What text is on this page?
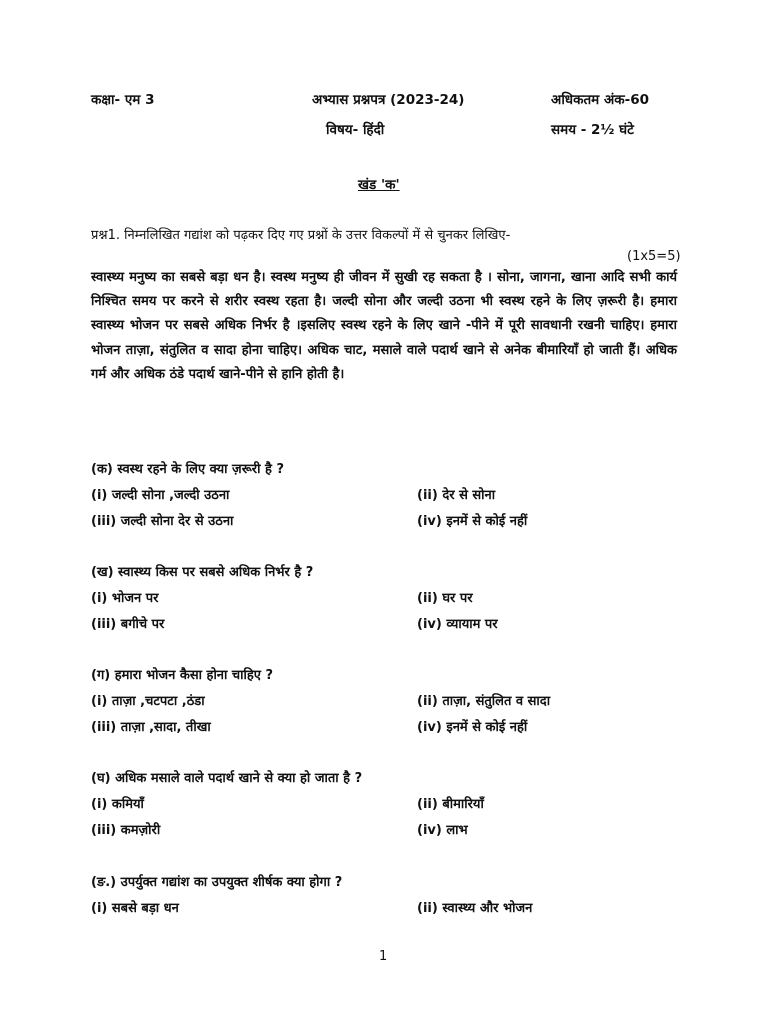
कक्षा- एम 3	अभ्यास प्रश्नपत्र (2023-24)	अधिकतम अंक-60
विषय- हिंदी	समय - 2½ घंटे
खंड 'क'
प्रश्न1. निम्नलिखित गद्यांश को पढ़कर दिए गए प्रश्नों के उत्तर विकल्पों में से चुनकर लिखिए-
(1x5=5)
स्वास्थ्य मनुष्य का सबसे बड़ा धन है। स्वस्थ मनुष्य ही जीवन में सुखी रह सकता है । सोना, जागना, खाना आदि सभी कार्य निश्चित समय पर करने से शरीर स्वस्थ रहता है। जल्दी सोना और जल्दी उठना भी स्वस्थ रहने के लिए ज़रूरी है। हमारा स्वास्थ्य भोजन पर सबसे अधिक निर्भर है ।इसलिए स्वस्थ रहने के लिए खाने -पीने में पूरी सावधानी रखनी चाहिए। हमारा भोजन ताज़ा, संतुलित व सादा होना चाहिए। अधिक चाट, मसाले वाले पदार्थ खाने से अनेक बीमारियाँ हो जाती हैं। अधिक गर्म और अधिक ठंडे पदार्थ खाने-पीने से हानि होती है।
(क) स्वस्थ रहने के लिए क्या ज़रूरी है ?
(i) जल्दी सोना ,जल्दी उठना	(ii) देर से सोना
(iii) जल्दी सोना देर से उठना	(iv) इनमें से कोई नहीं
(ख) स्वास्थ्य किस पर सबसे अधिक निर्भर है ?
(i) भोजन पर	(ii) घर पर
(iii) बगीचे पर	(iv) व्यायाम पर
(ग) हमारा भोजन कैसा होना चाहिए ?
(i) ताज़ा ,चटपटा ,ठंडा	(ii) ताज़ा, संतुलित व सादा
(iii) ताज़ा ,सादा, तीखा	(iv) इनमें से कोई नहीं
(घ) अधिक मसाले वाले पदार्थ खाने से क्या हो जाता है ?
(i) कमियाँ	(ii) बीमारियाँ
(iii) कमज़ोरी	(iv) लाभ
(ङ.) उपर्युक्त गद्यांश का उपयुक्त शीर्षक क्या होगा ?
(i) सबसे बड़ा धन	(ii) स्वास्थ्य और भोजन
1
